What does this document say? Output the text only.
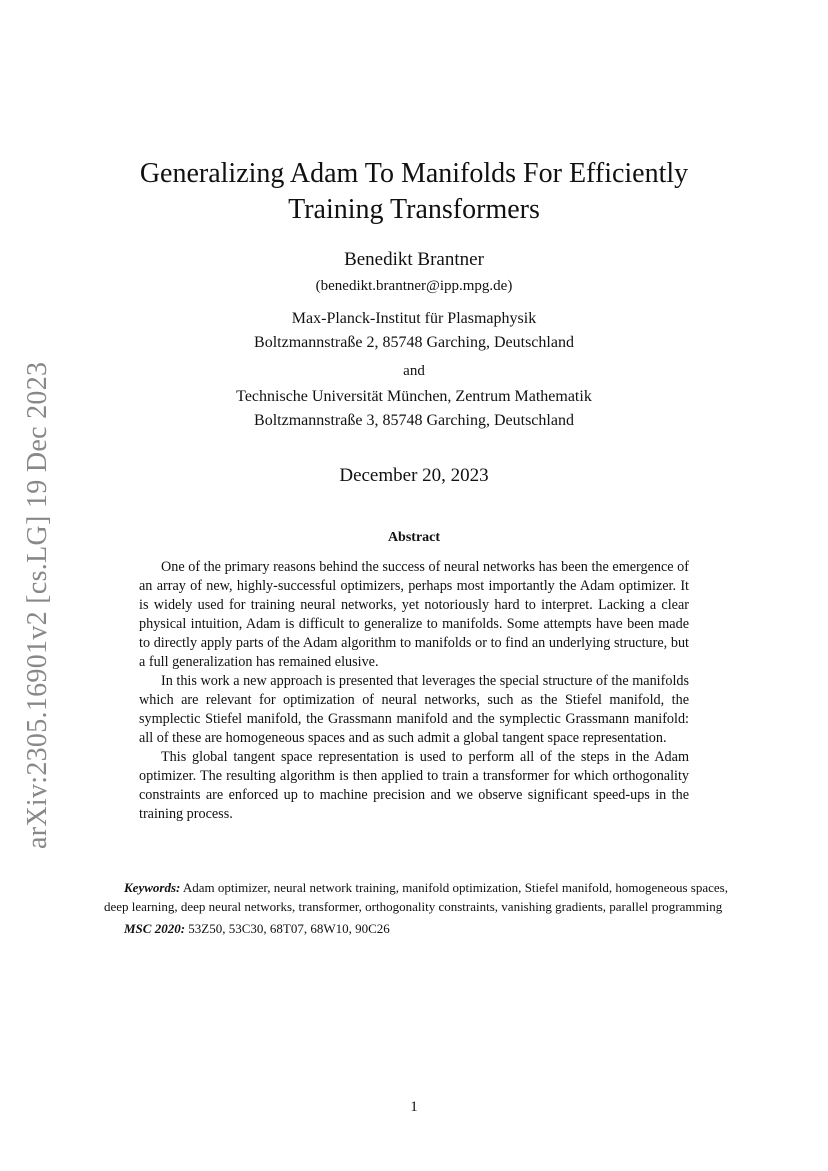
arXiv:2305.16901v2 [cs.LG] 19 Dec 2023
Generalizing Adam To Manifolds For Efficiently Training Transformers
Benedikt Brantner
(benedikt.brantner@ipp.mpg.de)
Max-Planck-Institut für Plasmaphysik
Boltzmannstraße 2, 85748 Garching, Deutschland
and
Technische Universität München, Zentrum Mathematik
Boltzmannstraße 3, 85748 Garching, Deutschland
December 20, 2023
Abstract

One of the primary reasons behind the success of neural networks has been the emergence of an array of new, highly-successful optimizers, perhaps most importantly the Adam optimizer. It is widely used for training neural networks, yet notoriously hard to interpret. Lacking a clear physical intuition, Adam is difficult to generalize to manifolds. Some attempts have been made to directly apply parts of the Adam algorithm to manifolds or to find an underlying structure, but a full generalization has remained elusive.

In this work a new approach is presented that leverages the special structure of the manifolds which are relevant for optimization of neural networks, such as the Stiefel manifold, the symplectic Stiefel manifold, the Grassmann manifold and the symplectic Grassmann manifold: all of these are homogeneous spaces and as such admit a global tangent space representation.

This global tangent space representation is used to perform all of the steps in the Adam optimizer. The resulting algorithm is then applied to train a transformer for which orthogonality constraints are enforced up to machine precision and we observe significant speed-ups in the training process.

Keywords: Adam optimizer, neural network training, manifold optimization, Stiefel manifold, homogeneous spaces, deep learning, deep neural networks, transformer, orthogonality constraints, vanishing gradients, parallel programming

MSC 2020: 53Z50, 53C30, 68T07, 68W10, 90C26

1
